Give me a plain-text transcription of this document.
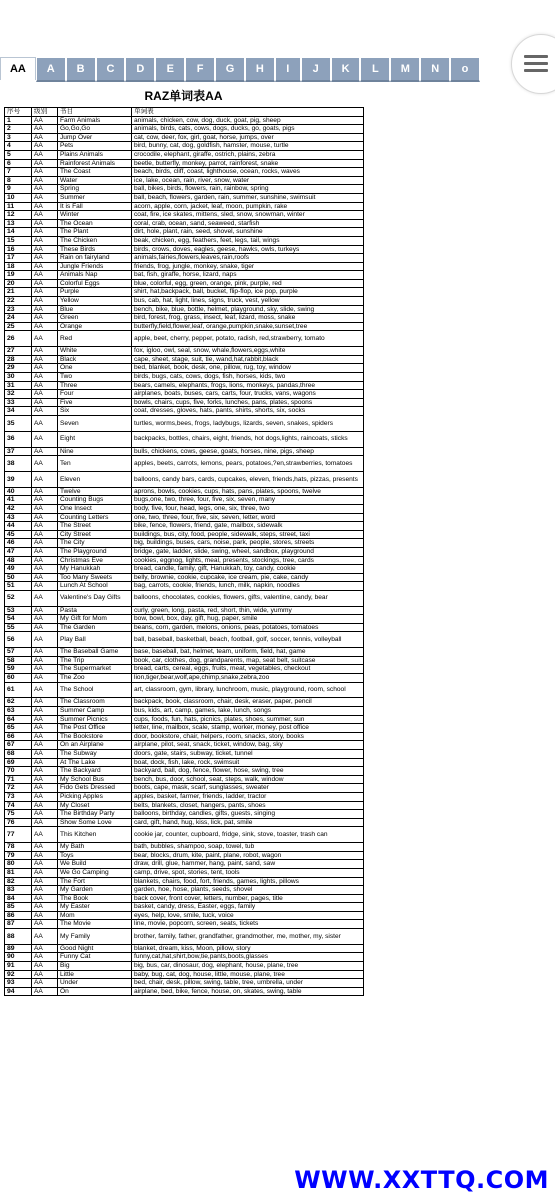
AA	A	B	C	D	E	F	G	H	I	J	K	L	M	N	o
RAZ单词表AA
序号	级别	书目	单词表
1	AA	Farm Animals	animals, chicken, cow, dog, duck, goat, pig, sheep
2	AA	Go,Go,Go	animals, birds, cats, cows, dogs, ducks, go, goats, pigs
3	AA	Jump Over	cat, cow, deer, fox, girl, goat, horse, jumps, over
4	AA	Pets	bird, bunny, cat, dog, goldfish, hamster, mouse, turtle
5	AA	Plains Animals	crocodile, elephant, giraffe, ostrich, plains, zebra
6	AA	Rainforest Animals	beetle, butterfly, monkey, parrot, rainforest, snake
7	AA	The Coast	beach, birds, cliff, coast, lighthouse, ocean, rocks, waves
8	AA	Water	ice, lake, ocean, rain, river, snow, water
9	AA	Spring	ball, bikes, birds, flowers, rain, rainbow, spring
10	AA	Summer	ball, beach, flowers, garden, rain, summer, sunshine, swimsuit
11	AA	It is Fall	acorn, apple, corn, jacket, leaf, moon, pumpkin, rake
12	AA	Winter	coat, fire, ice skates, mittens, sled, snow, snowman, winter
13	AA	The Ocean	coral, crab, ocean, sand, seaweed, starfish
14	AA	The Plant	dirt, hole, plant, rain, seed, shovel, sunshine
15	AA	The Chicken	beak, chicken, egg, feathers, feet, legs, tail, wings
16	AA	These Birds	birds, crows, doves, eagles, geese, hawks, owls, turkeys
17	AA	Rain on fairyland	animals,fairies,flowers,leaves,rain,roofs
18	AA	Jungle Friends	friends, frog, jungle, monkey, snake, tiger
19	AA	Animals Nap	bat, fish, giraffe, horse, lizard, naps
20	AA	Colorful Eggs	blue, colorful, egg, green, orange, pink, purple, red
21	AA	Purple	shirt, hat,backpack, ball, bucket, flip-flop, ice pop, purple
22	AA	Yellow	bus, cab, hat, light, lines, signs, truck, vest, yellow
23	AA	Blue	bench, bike, blue, bottle, helmet, playground, sky, slide, swing
24	AA	Green	bird, forest, frog, grass, insect, leaf, lizard, moss, snake
25	AA	Orange	butterfly,field,flower,leaf, orange,pumpkin,snake,sunset,tree
26	AA	Red	apple, beet, cherry, pepper, potato, radish, red,strawberry, tomato
27	AA	White	fox, igloo, owl, seal, snow, whale,flowers,eggs,white
28	AA	Black	cape, sheet, stage, suit, tie, wand,hat,rabbit,black
29	AA	One	bed, blanket, book, desk, one, pillow, rug, toy, window
30	AA	Two	birds, bugs, cats, cows, dogs, fish, horses, kids, two
31	AA	Three	bears, camels, elephants, frogs, lions, monkeys, pandas,three
32	AA	Four	airplanes, boats, buses, cars, carts, four, trucks, vans, wagons
33	AA	Five	bowls, chairs, cups, five, forks, lunches, pans, plates, spoons
34	AA	Six	coat, dresses, gloves, hats, pants, shirts, shorts, six, socks
35	AA	Seven	turtles, worms,bees, frogs, ladybugs, lizards, seven, snakes, spiders
36	AA	Eight	backpacks, bottles, chairs, eight, friends, hot dogs,lights, raincoats, sticks
37	AA	Nine	bulls, chickens, cows, geese, goats, horses, nine, pigs, sheep
38	AA	Ten	apples, beets, carrots, lemons, pears, potatoes,?en,strawberries, tomatoes
39	AA	Eleven	balloons, candy bars, cards, cupcakes, eleven, friends,hats, pizzas, presents
40	AA	Twelve	aprons, bowls, cookies, cups, hats, pans, plates, spoons, twelve
41	AA	Counting Bugs	bugs,one, two, three, four, five, six, seven, many
42	AA	One Insect	body, five, four, head, legs, one, six, three, two
43	AA	Counting Letters	one, two, three, four, five, six, seven, letter, word
44	AA	The Street	bike, fence, flowers, friend, gate, mailbox, sidewalk
45	AA	City Street	buildings, bus, city, food, people, sidewalk, steps, street, taxi
46	AA	The City	big, buildings, buses, cars, noise, park, people, stores, streets
47	AA	The Playground	bridge, gate, ladder, slide, swing, wheel, sandbox, playground
48	AA	Christmas Eve	cookies, eggnog, lights, meal, presents, stockings, tree, cards
49	AA	My Hanukkah	bread, candle, family, gift, Hanukkah, toy, candy, cookie
50	AA	Too Many Sweets	belly, brownie, cookie, cupcake, ice cream, pie, cake, candy
51	AA	Lunch At School	bag, carrots, cookie, friends, lunch, milk, napkin, noodles
52	AA	Valentine's Day Gifts	balloons, chocolates, cookies, flowers, gifts, valentine, candy, bear
53	AA	Pasta	curly, green, long, pasta, red, short, thin, wide, yummy
54	AA	My Gift for Mom	bow, bowl, box, day, gift, hug, paper, smile
55	AA	The Garden	beans, corn, garden, melons, onions, peas, potatoes, tomatoes
56	AA	Play Ball	ball, baseball, basketball, beach, football, golf, soccer, tennis, volleyball
57	AA	The Baseball Game	base, baseball, bat, helmet, team, uniform, field, hat, game
58	AA	The Trip	book, car, clothes, dog, grandparents, map, seat belt, suitcase
59	AA	The Supermarket	bread, carts, cereal, eggs, fruits, meat, vegetables, checkout
60	AA	The Zoo	lion,tiger,bear,wolf,ape,chimp,snake,zebra,zoo
61	AA	The School	art, classroom, gym, library, lunchroom, music, playground, room, school
62	AA	The Classroom	backpack, book, classroom, chair, desk, eraser, paper, pencil
63	AA	Summer Camp	bus, kids, art, camp, games, lake, lunch, songs
64	AA	Summer Picnics	cups, foods, fun, hats, picnics, plates, shoes, summer, sun
65	AA	The Post Office	letter, line, mailbox, scale, stamp, worker, money, post office
66	AA	The Bookstore	door, bookstore, chair, helpers, room, snacks, story, books
67	AA	On an Airplane	airplane, pilot, seat, snack, ticket, window, bag, sky
68	AA	The Subway	doors, gate, stairs, subway, ticket, tunnel
69	AA	At The Lake	boat, dock, fish, lake, rock, swimsuit
70	AA	The Backyard	backyard, ball, dog, fence, flower, hose, swing, tree
71	AA	My School Bus	bench, bus, door, school, seat, steps, walk, window
72	AA	Fido Gets Dressed	boots, cape, mask, scarf, sunglasses, sweater
73	AA	Picking Apples	apples, basket, farmer, friends, ladder, tractor
74	AA	My Closet	belts, blankets, closet, hangers, pants, shoes
75	AA	The Birthday Party	balloons, birthday, candles, gifts, guests, singing
76	AA	Show Some Love	card, gift, hand, hug, kiss, lick, pat, smile
77	AA	This Kitchen	cookie jar, counter, cupboard, fridge, sink, stove, toaster, trash can
78	AA	My Bath	bath, bubbles, shampoo, soap, towel, tub
79	AA	Toys	bear, blocks, drum, kite, paint, plane, robot, wagon
80	AA	We Build	draw, drill, glue, hammer, hang, paint, sand, saw
81	AA	We Go Camping	camp, drive, spot, stories, tent, tools
82	AA	The Fort	blankets, chairs, food, fort, friends, games, lights, pillows
83	AA	My Garden	garden, hoe, hose, plants, seeds, shovel
84	AA	The Book	back cover, front cover, letters, number, pages, title
85	AA	My Easter	basket, candy, dress, Easter, eggs, family
86	AA	Mom	eyes, help, love, smile, tuck, voice
87	AA	The Movie	line, movie, popcorn, screen, seats, tickets
88	AA	My Family	brother, family, father, grandfather, grandmother, me, mother, my, sister
89	AA	Good Night	blanket, dream, kiss, Moon, pillow, story
90	AA	Funny Cat	funny,cat,hat,shirt,bow,tie,pants,boots,glasses
91	AA	Big	big, bus, car, dinosaur, dog, elephant, house, plane, tree
92	AA	Little	baby, bug, cat, dog, house, little, mouse, plane, tree
93	AA	Under	bed, chair, desk, pillow, swing, table, tree, umbrella, under
94	AA	On	airplane, bed, bike, fence, house, on, skates, swing, table
WWW.XXTTQ.COM
